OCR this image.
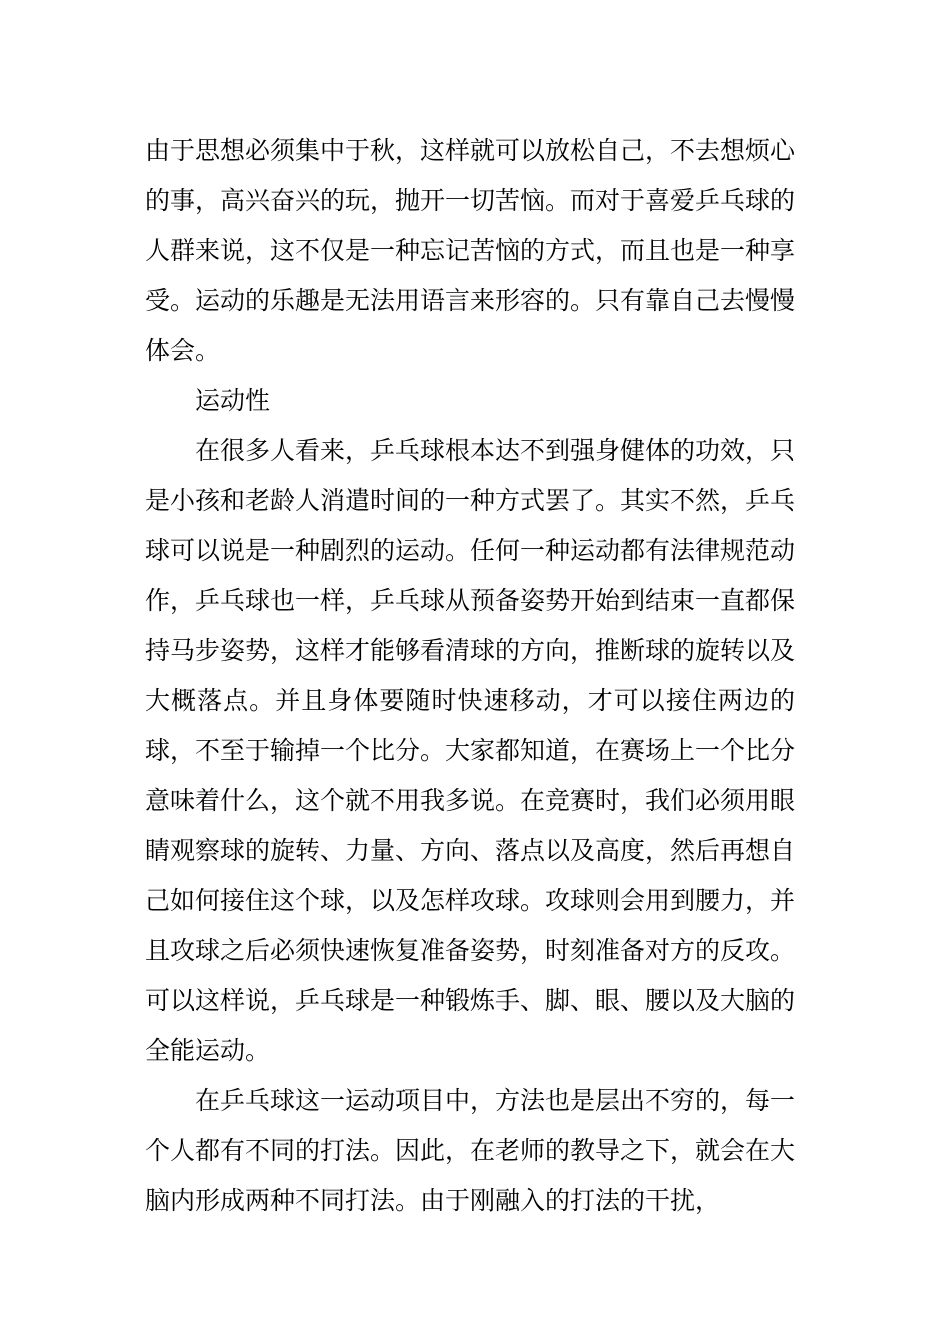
由于思想必须集中于秋，这样就可以放松自己，不去想烦心的事，高兴奋兴的玩，抛开一切苦恼。而对于喜爱乒乓球的人群来说，这不仅是一种忘记苦恼的方式，而且也是一种享受。运动的乐趣是无法用语言来形容的。只有靠自己去慢慢体会。

运动性

在很多人看来，乒乓球根本达不到强身健体的功效，只是小孩和老龄人消遣时间的一种方式罢了。其实不然，乒乓球可以说是一种剧烈的运动。任何一种运动都有法律规范动作，乒乓球也一样，乒乓球从预备姿势开始到结束一直都保持马步姿势，这样才能够看清球的方向，推断球的旋转以及大概落点。并且身体要随时快速移动，才可以接住两边的球，不至于输掉一个比分。大家都知道，在赛场上一个比分意味着什么，这个就不用我多说。在竞赛时，我们必须用眼睛观察球的旋转、力量、方向、落点以及高度，然后再想自己如何接住这个球，以及怎样攻球。攻球则会用到腰力，并且攻球之后必须快速恢复准备姿势，时刻准备对方的反攻。可以这样说，乒乓球是一种锻炼手、脚、眼、腰以及大脑的全能运动。

在乒乓球这一运动项目中，方法也是层出不穷的，每一个人都有不同的打法。因此，在老师的教导之下，就会在大脑内形成两种不同打法。由于刚融入的打法的干扰，
